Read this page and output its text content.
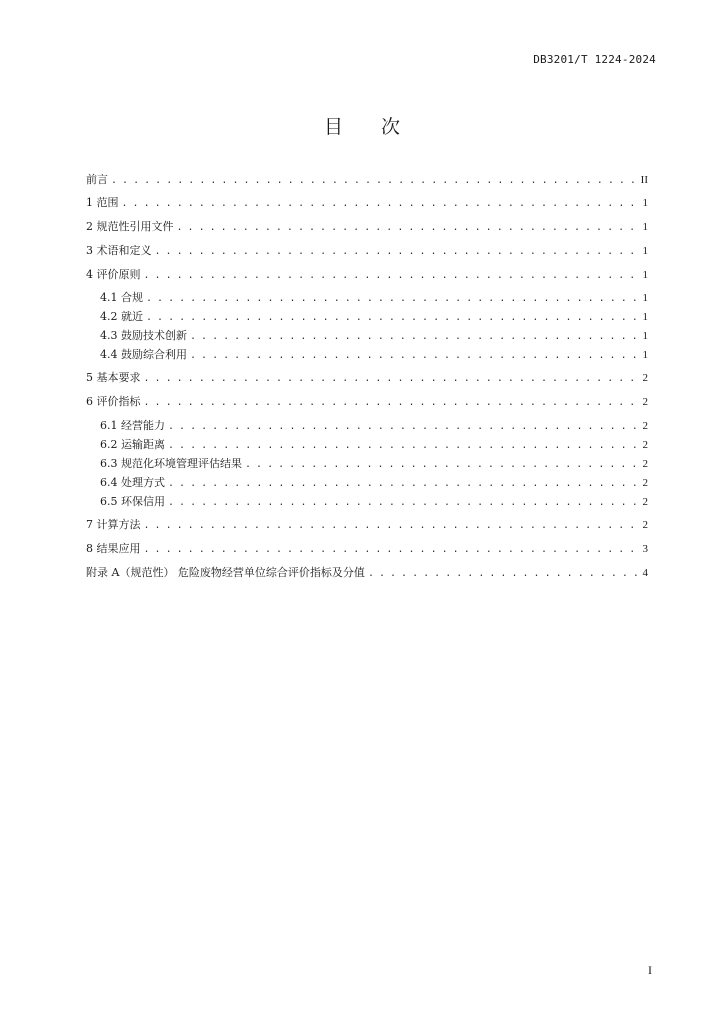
DB3201/T 1224-2024
目次
前言 . . .	II
1 范围 . . .	1
2 规范性引用文件 . . .	1
3 术语和定义 . . .	1
4 评价原则 . . .	1
4.1 合规 . . .	1
4.2 就近 . . .	1
4.3 鼓励技术创新 . . .	1
4.4 鼓励综合利用 . . .	1
5 基本要求 . . .	2
6 评价指标 . . .	2
6.1 经营能力 . . .	2
6.2 运输距离 . . .	2
6.3 规范化环境管理评估结果 . . .	2
6.4 处理方式 . . .	2
6.5 环保信用 . . .	2
7 计算方法 . . .	2
8 结果应用 . . .	3
附录 A（规范性） 危险废物经营单位综合评价指标及分值 . . .	4
I
